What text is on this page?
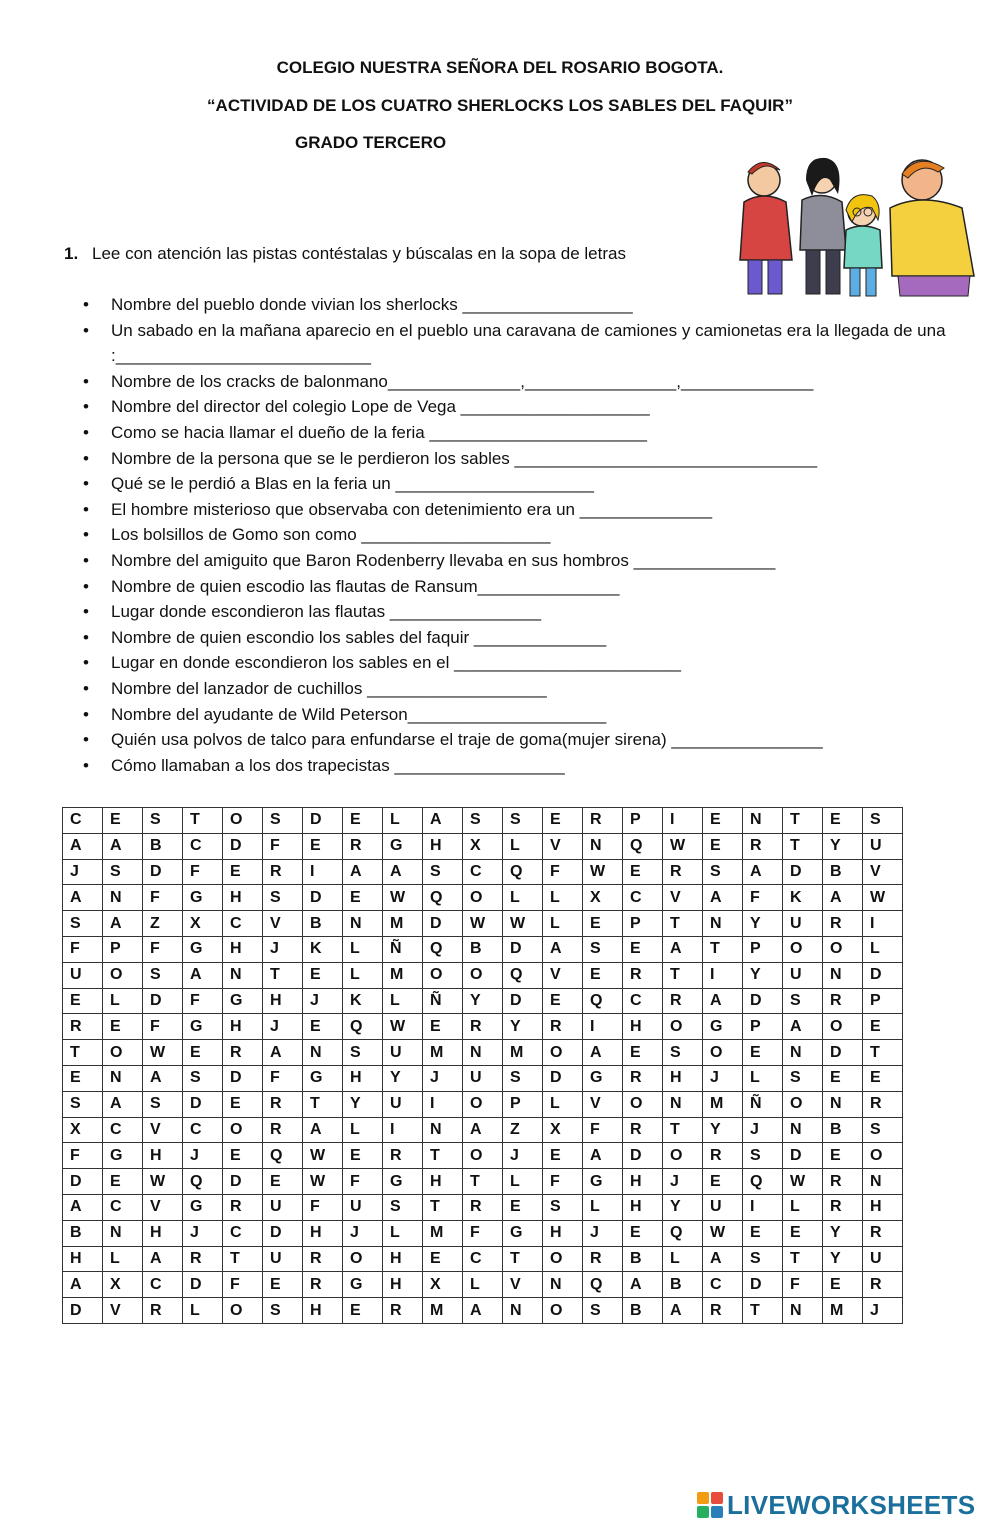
COLEGIO NUESTRA SEÑORA DEL ROSARIO BOGOTA.
“ACTIVIDAD DE LOS CUATRO SHERLOCKS LOS SABLES DEL FAQUIR”
GRADO TERCERO
1. Lee con atención las pistas contéstalas y búscalas en la sopa de letras
• Nombre del pueblo donde vivian los sherlocks __________________
• Un sabado en la mañana aparecio en el pueblo una caravana de camiones y camionetas era la llegada de una :___________________________
• Nombre de los cracks de balonmano______________,________________,______________
• Nombre del director del colegio Lope de Vega ____________________
• Como se hacia llamar el dueño de la feria _______________________
• Nombre de la persona que se le perdieron los sables ________________________________
• Qué se le perdió a Blas en la feria un _____________________
• El hombre misterioso que observaba con detenimiento era un ______________
• Los bolsillos de Gomo son como ____________________
• Nombre del amiguito que Baron Rodenberry llevaba en sus hombros _______________
• Nombre de quien escodio las flautas de Ransum_______________
• Lugar donde escondieron las flautas ________________
• Nombre de quien escondio los sables del faquir ______________
• Lugar en donde escondieron los sables en el ________________________
• Nombre del lanzador de cuchillos ___________________
• Nombre del ayudante de Wild Peterson_____________________
• Quién usa polvos de talco para enfundarse el traje de goma(mujer sirena) ________________
• Cómo llamaban a los dos trapecistas __________________
C	E	S	T	O	S	D	E	L	A	S	S	E	R	P	I	E	N	T	E	S
A	A	B	C	D	F	E	R	G	H	X	L	V	N	Q	W	E	R	T	Y	U
J	S	D	F	E	R	I	A	A	S	C	Q	F	W	E	R	S	A	D	B	V
A	N	F	G	H	S	D	E	W	Q	O	L	L	X	C	V	A	F	K	A	W
S	A	Z	X	C	V	B	N	M	D	W	W	L	E	P	T	N	Y	U	R	I
F	P	F	G	H	J	K	L	Ñ	Q	B	D	A	S	E	A	T	P	O	O	L
U	O	S	A	N	T	E	L	M	O	O	Q	V	E	R	T	I	Y	U	N	D
E	L	D	F	G	H	J	K	L	Ñ	Y	D	E	Q	C	R	A	D	S	R	P
R	E	F	G	H	J	E	Q	W	E	R	Y	R	I	H	O	G	P	A	O	E
T	O	W	E	R	A	N	S	U	M	N	M	O	A	E	S	O	E	N	D	T
E	N	A	S	D	F	G	H	Y	J	U	S	D	G	R	H	J	L	S	E	E
S	A	S	D	E	R	T	Y	U	I	O	P	L	V	O	N	M	Ñ	O	N	R
X	C	V	C	O	R	A	L	I	N	A	Z	X	F	R	T	Y	J	N	B	S
F	G	H	J	E	Q	W	E	R	T	O	J	E	A	D	O	R	S	D	E	O
D	E	W	Q	D	E	W	F	G	H	T	L	F	G	H	J	E	Q	W	R	N
A	C	V	G	R	U	F	U	S	T	R	E	S	L	H	Y	U	I	L	R	H
B	N	H	J	C	D	H	J	L	M	F	G	H	J	E	Q	W	E	E	Y	R
H	L	A	R	T	U	R	O	H	E	C	T	O	R	B	L	A	S	T	Y	U
A	X	C	D	F	E	R	G	H	X	L	V	N	Q	A	B	C	D	F	E	R
D	V	R	L	O	S	H	E	R	M	A	N	O	S	B	A	R	T	N	M	J
LIVEWORKSHEETS
